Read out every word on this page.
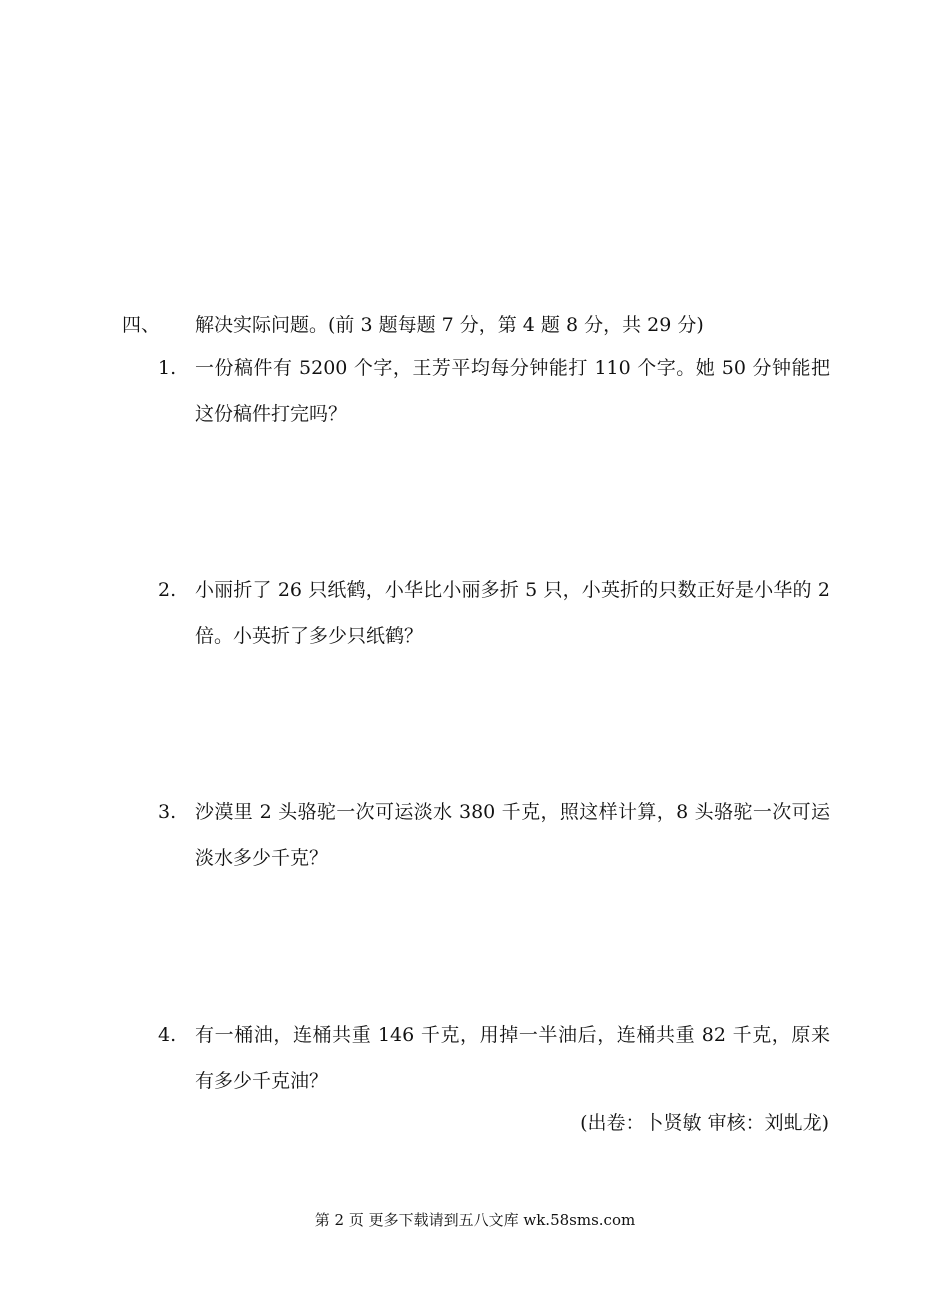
四、 解决实际问题。(前 3 题每题 7 分，第 4 题 8 分，共 29 分)
1. 一份稿件有 5200 个字，王芳平均每分钟能打 110 个字。她 50 分钟能把这份稿件打完吗？
2. 小丽折了 26 只纸鹤，小华比小丽多折 5 只，小英折的只数正好是小华的 2 倍。小英折了多少只纸鹤？
3. 沙漠里 2 头骆驼一次可运淡水 380 千克，照这样计算，8 头骆驼一次可运淡水多少千克？
4. 有一桶油，连桶共重 146 千克，用掉一半油后，连桶共重 82 千克，原来有多少千克油？
(出卷：卜贤敏 审核：刘虬龙)
第 2 页 更多下载请到五八文库 wk.58sms.com
